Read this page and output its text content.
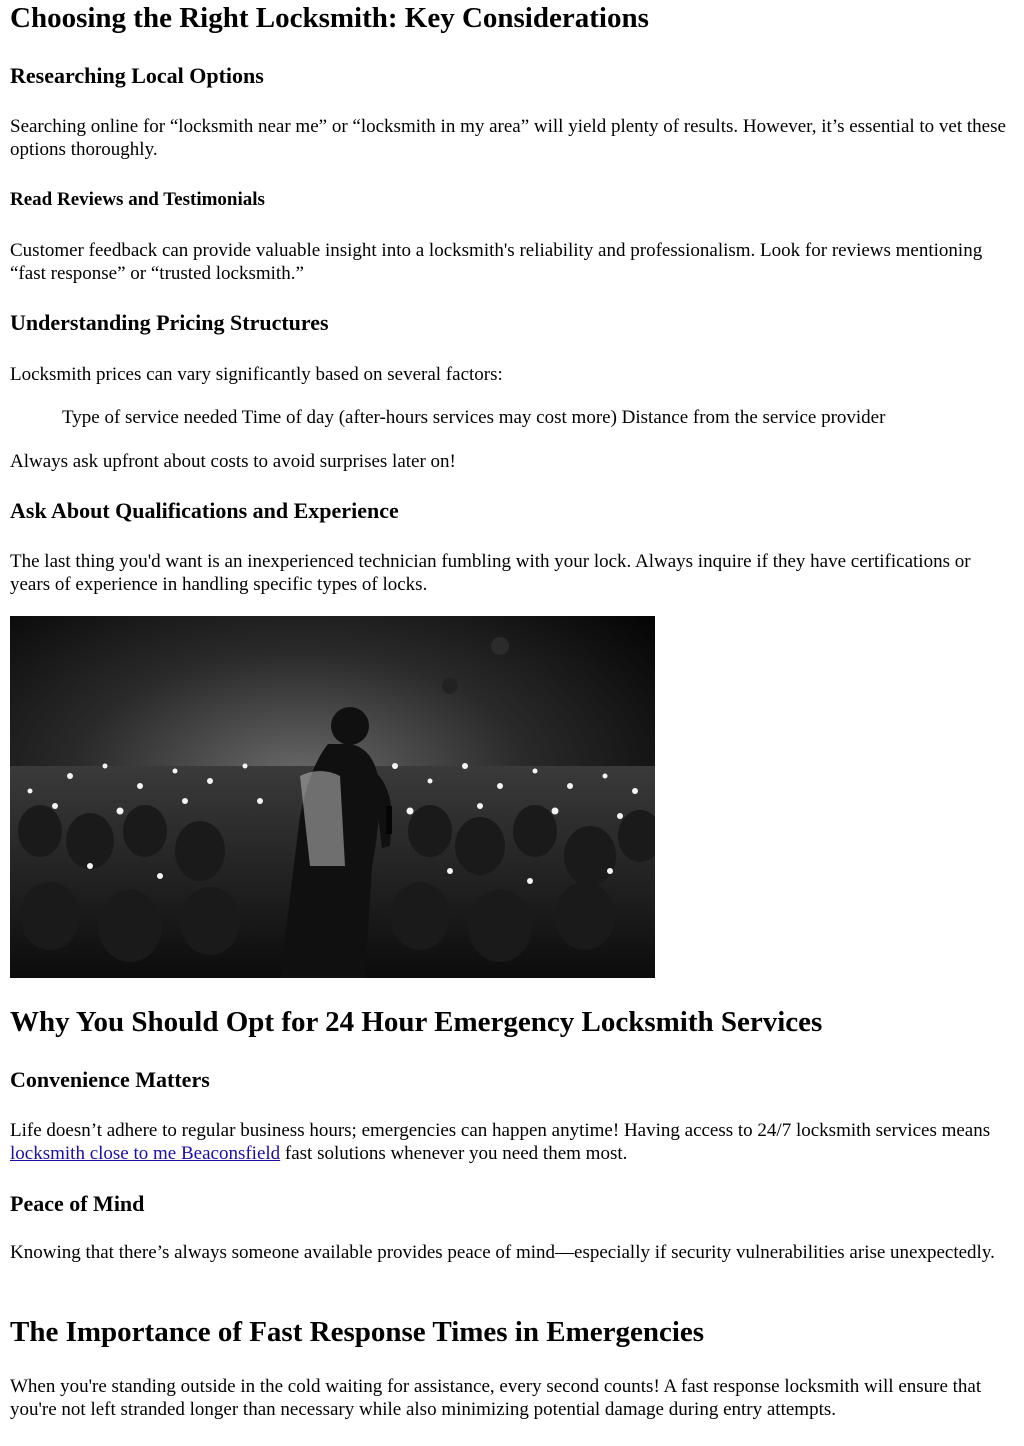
Choosing the Right Locksmith: Key Considerations
Researching Local Options

Searching online for “locksmith near me” or “locksmith in my area” will yield plenty of results. However, it’s essential to vet these options thoroughly.

Read Reviews and Testimonials

Customer feedback can provide valuable insight into a locksmith's reliability and professionalism. Look for reviews mentioning “fast response” or “trusted locksmith.”

Understanding Pricing Structures

Locksmith prices can vary significantly based on several factors:

Type of service needed Time of day (after-hours services may cost more) Distance from the service provider

Always ask upfront about costs to avoid surprises later on!

Ask About Qualifications and Experience

The last thing you'd want is an inexperienced technician fumbling with your lock. Always inquire if they have certifications or years of experience in handling specific types of locks.

Why You Should Opt for 24 Hour Emergency Locksmith Services
Convenience Matters

Life doesn’t adhere to regular business hours; emergencies can happen anytime! Having access to 24/7 locksmith services means locksmith close to me Beaconsfield fast solutions whenever you need them most.

Peace of Mind

Knowing that there’s always someone available provides peace of mind—especially if security vulnerabilities arise unexpectedly.

The Importance of Fast Response Times in Emergencies

When you're standing outside in the cold waiting for assistance, every second counts! A fast response locksmith will ensure that you're not left stranded longer than necessary while also minimizing potential damage during entry attempts.
